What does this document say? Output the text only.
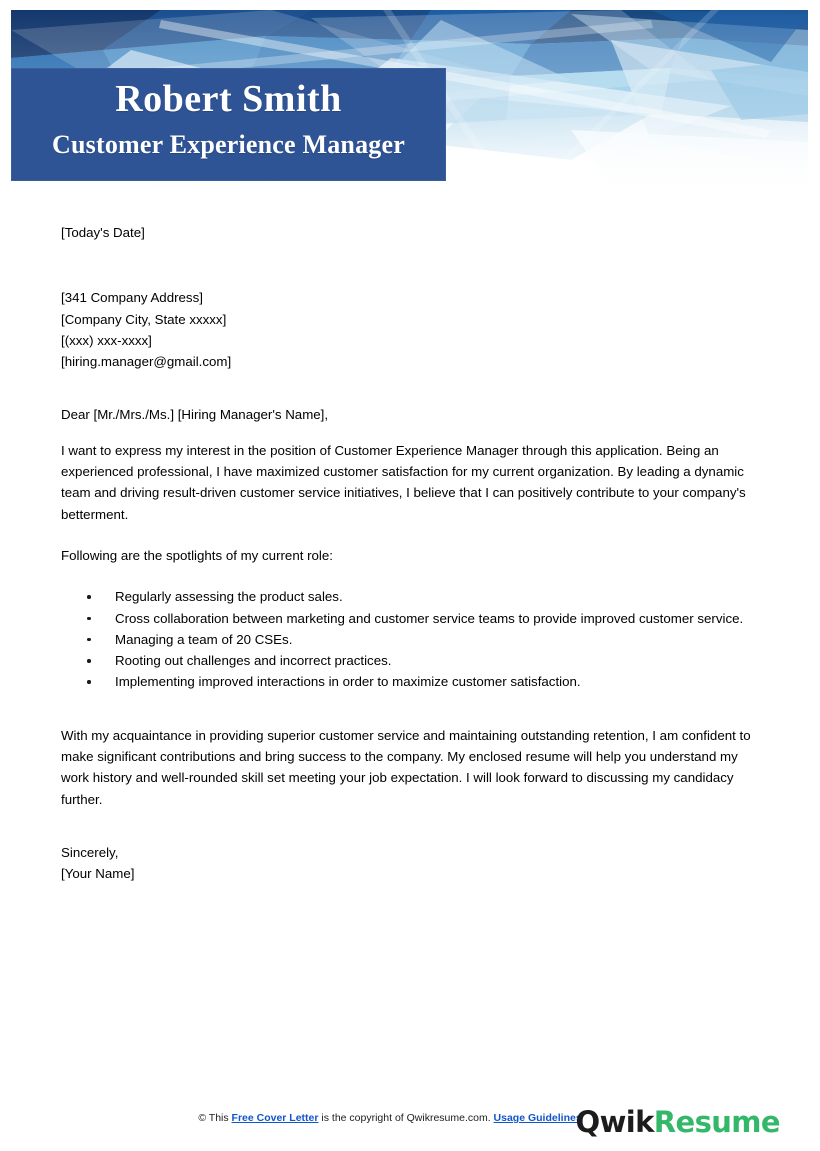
Robert Smith
Customer Experience Manager
[Today's Date]
[341 Company Address]
[Company City, State xxxxx]
[(xxx) xxx-xxxx]
[hiring.manager@gmail.com]
Dear [Mr./Mrs./Ms.] [Hiring Manager's Name],
I want to express my interest in the position of Customer Experience Manager through this application. Being an experienced professional, I have maximized customer satisfaction for my current organization. By leading a dynamic team and driving result-driven customer service initiatives, I believe that I can positively contribute to your company's betterment.
Following are the spotlights of my current role:
Regularly assessing the product sales.
Cross collaboration between marketing and customer service teams to provide improved customer service.
Managing a team of 20 CSEs.
Rooting out challenges and incorrect practices.
Implementing improved interactions in order to maximize customer satisfaction.
With my acquaintance in providing superior customer service and maintaining outstanding retention, I am confident to make significant contributions and bring success to the company. My enclosed resume will help you understand my work history and well-rounded skill set meeting your job expectation. I will look forward to discussing my candidacy further.
Sincerely,
[Your Name]
© This Free Cover Letter is the copyright of Qwikresume.com. Usage Guidelines
QwikResume
